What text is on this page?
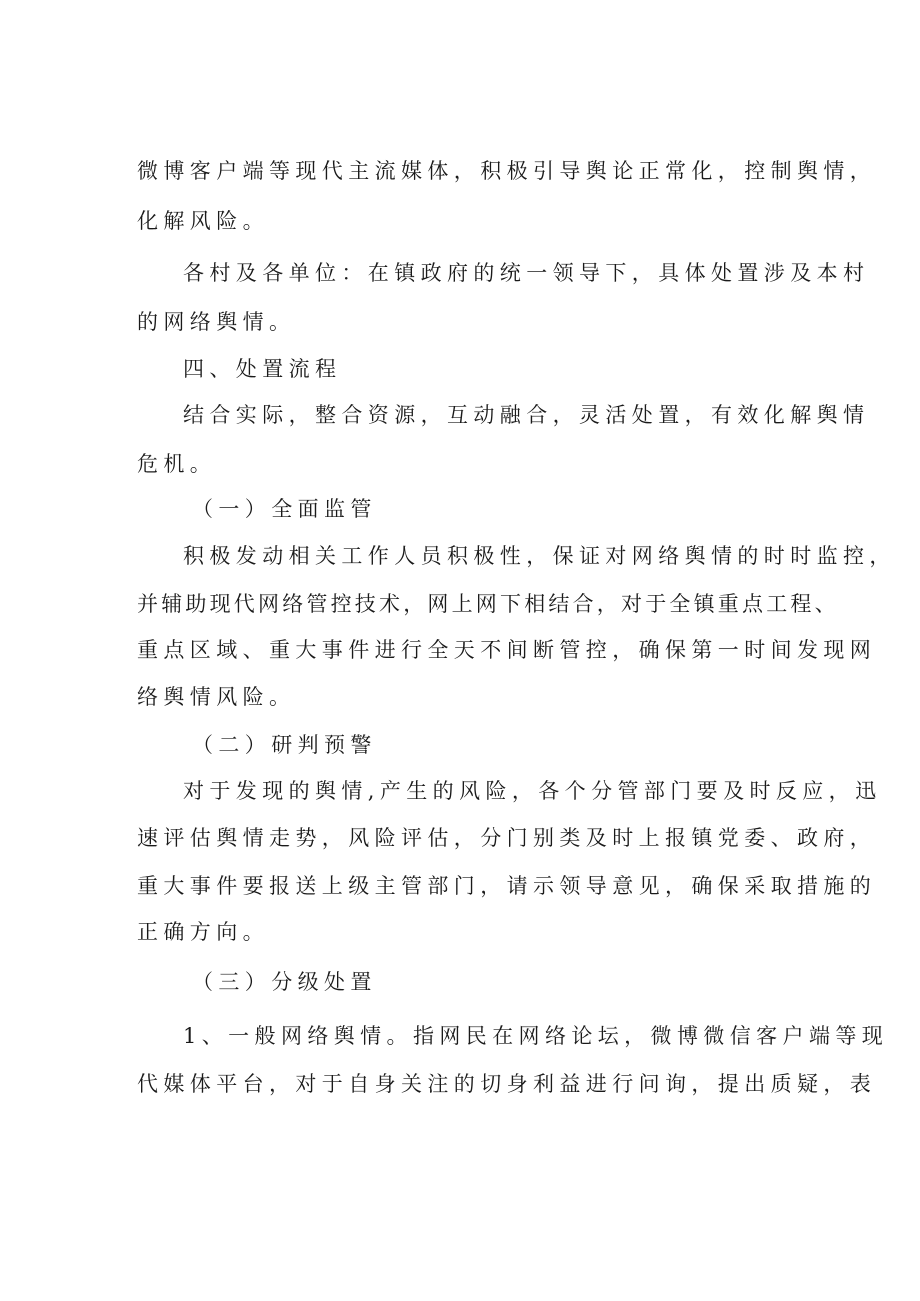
微博客户端等现代主流媒体，积极引导舆论正常化，控制舆情，

化解风险。

各村及各单位：在镇政府的统一领导下，具体处置涉及本村

的网络舆情。

四、处置流程

结合实际，整合资源，互动融合，灵活处置，有效化解舆情

危机。

（一）全面监管

积极发动相关工作人员积极性，保证对网络舆情的时时监控，

并辅助现代网络管控技术，网上网下相结合，对于全镇重点工程、

重点区域、重大事件进行全天不间断管控，确保第一时间发现网

络舆情风险。

（二）研判预警

对于发现的舆情,产生的风险，各个分管部门要及时反应，迅

速评估舆情走势，风险评估，分门别类及时上报镇党委、政府，

重大事件要报送上级主管部门，请示领导意见，确保采取措施的

正确方向。

（三）分级处置

1、一般网络舆情。指网民在网络论坛，微博微信客户端等现

代媒体平台，对于自身关注的切身利益进行问询，提出质疑，表
